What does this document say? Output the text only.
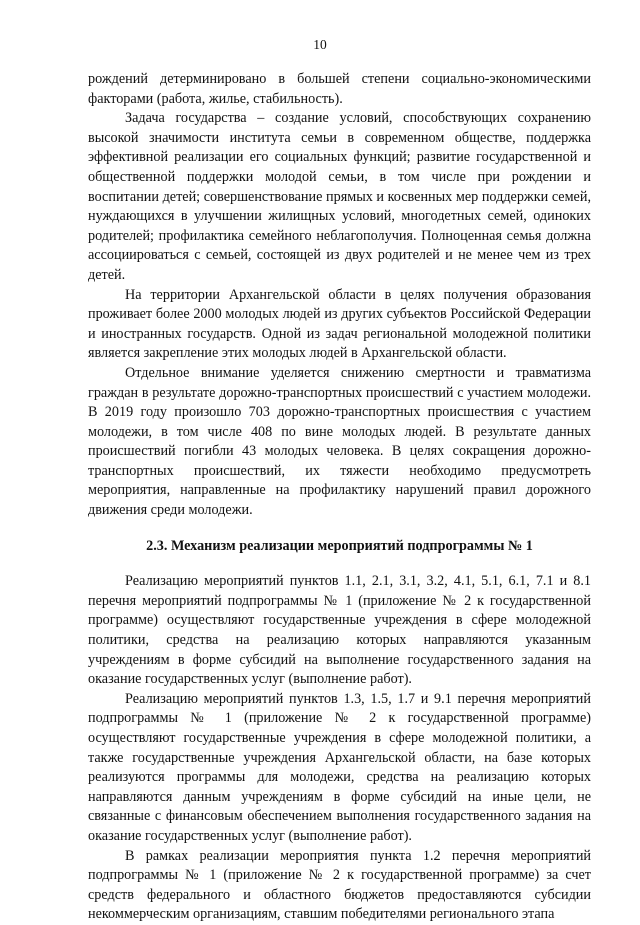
10

рождений детерминировано в большей степени социально-экономическими факторами (работа, жилье, стабильность).

Задача государства – создание условий, способствующих сохранению высокой значимости института семьи в современном обществе, поддержка эффективной реализации его социальных функций; развитие государственной и общественной поддержки молодой семьи, в том числе при рождении и воспитании детей; совершенствование прямых и косвенных мер поддержки семей, нуждающихся в улучшении жилищных условий, многодетных семей, одиноких родителей; профилактика семейного неблагополучия. Полноценная семья должна ассоциироваться с семьей, состоящей из двух родителей и не менее чем из трех детей.

На территории Архангельской области в целях получения образования проживает более 2000 молодых людей из других субъектов Российской Федерации и иностранных государств. Одной из задач региональной молодежной политики является закрепление этих молодых людей в Архангельской области.

Отдельное внимание уделяется снижению смертности и травматизма граждан в результате дорожно-транспортных происшествий с участием молодежи. В 2019 году произошло 703 дорожно-транспортных происшествия с участием молодежи, в том числе 408 по вине молодых людей. В результате данных происшествий погибли 43 молодых человека. В целях сокращения дорожно-транспортных происшествий, их тяжести необходимо предусмотреть мероприятия, направленные на профилактику нарушений правил дорожного движения среди молодежи.

2.3. Механизм реализации мероприятий подпрограммы № 1

Реализацию мероприятий пунктов 1.1, 2.1, 3.1, 3.2, 4.1, 5.1, 6.1, 7.1 и 8.1 перечня мероприятий подпрограммы № 1 (приложение № 2 к государственной программе) осуществляют государственные учреждения в сфере молодежной политики, средства на реализацию которых направляются указанным учреждениям в форме субсидий на выполнение государственного задания на оказание государственных услуг (выполнение работ).

Реализацию мероприятий пунктов 1.3, 1.5, 1.7 и 9.1 перечня мероприятий подпрограммы № 1 (приложение № 2 к государственной программе) осуществляют государственные учреждения в сфере молодежной политики, а также государственные учреждения Архангельской области, на базе которых реализуются программы для молодежи, средства на реализацию которых направляются данным учреждениям в форме субсидий на иные цели, не связанные с финансовым обеспечением выполнения государственного задания на оказание государственных услуг (выполнение работ).

В рамках реализации мероприятия пункта 1.2 перечня мероприятий подпрограммы № 1 (приложение № 2 к государственной программе) за счет средств федерального и областного бюджетов предоставляются субсидии некоммерческим организациям, ставшим победителями регионального этапа
